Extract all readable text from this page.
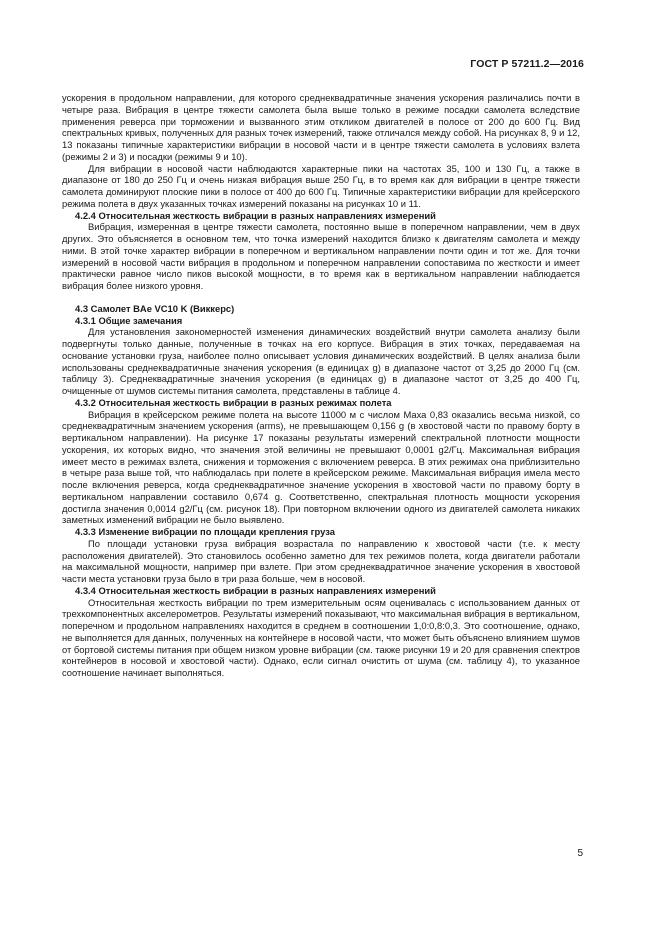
ГОСТ Р 57211.2—2016

ускорения в продольном направлении, для которого среднеквадратичные значения ускорения различались почти в четыре раза. Вибрация в центре тяжести самолета была выше только в режиме посадки самолета вследствие применения реверса при торможении и вызванного этим откликом двигателей в полосе от 200 до 600 Гц. Вид спектральных кривых, полученных для разных точек измерений, также отличался между собой. На рисунках 8, 9 и 12, 13 показаны типичные характеристики вибрации в носовой части и в центре тяжести самолета в условиях взлета (режимы 2 и 3) и посадки (режимы 9 и 10).

Для вибрации в носовой части наблюдаются характерные пики на частотах 35, 100 и 130 Гц, а также в диапазоне от 180 до 250 Гц и очень низкая вибрация выше 250 Гц, в то время как для вибрации в центре тяжести самолета доминируют плоские пики в полосе от 400 до 600 Гц. Типичные характеристики вибрации для крейсерского режима полета в двух указанных точках измерений показаны на рисунках 10 и 11.

4.2.4 Относительная жесткость вибрации в разных направлениях измерений

Вибрация, измеренная в центре тяжести самолета, постоянно выше в поперечном направлении, чем в двух других. Это объясняется в основном тем, что точка измерений находится близко к двигателям самолета и между ними. В этой точке характер вибрации в поперечном и вертикальном направлении почти один и тот же. Для точки измерений в носовой части вибрация в продольном и поперечном направлении сопоставима по жесткости и имеет практически равное число пиков высокой мощности, в то время как в вертикальном направлении наблюдается вибрация более низкого уровня.

4.3 Самолет BAe VC10 K (Виккерс)

4.3.1 Общие замечания

Для установления закономерностей изменения динамических воздействий внутри самолета анализу были подвергнуты только данные, полученные в точках на его корпусе. Вибрация в этих точках, передаваемая на основание установки груза, наиболее полно описывает условия динамических воздействий. В целях анализа были использованы среднеквадратичные значения ускорения (в единицах g) в диапазоне частот от 3,25 до 2000 Гц (см. таблицу 3). Среднеквадратичные значения ускорения (в единицах g) в диапазоне частот от 3,25 до 400 Гц, очищенные от шумов системы питания самолета, представлены в таблице 4.

4.3.2 Относительная жесткость вибрации в разных режимах полета

Вибрация в крейсерском режиме полета на высоте 11000 м с числом Маха 0,83 оказались весьма низкой, со среднеквадратичным значением ускорения (arms), не превышающем 0,156 g (в хвостовой части по правому борту в вертикальном направлении). На рисунке 17 показаны результаты измерений спектральной плотности мощности ускорения, их которых видно, что значения этой величины не превышают 0,0001 g2/Гц. Максимальная вибрация имеет место в режимах взлета, снижения и торможения с включением реверса. В этих режимах она приблизительно в четыре раза выше той, что наблюдалась при полете в крейсерском режиме. Максимальная вибрация имела место после включения реверса, когда среднеквадратичное значение ускорения в хвостовой части по правому борту в вертикальном направлении составило 0,674 g. Соответственно, спектральная плотность мощности ускорения достигла значения 0,0014 g2/Гц (см. рисунок 18). При повторном включении одного из двигателей самолета никаких заметных изменений вибрации не было выявлено.

4.3.3 Изменение вибрации по площади крепления груза

По площади установки груза вибрация возрастала по направлению к хвостовой части (т.е. к месту расположения двигателей). Это становилось особенно заметно для тех режимов полета, когда двигатели работали на максимальной мощности, например при взлете. При этом среднеквадратичное значение ускорения в хвостовой части места установки груза было в три раза больше, чем в носовой.

4.3.4 Относительная жесткость вибрации в разных направлениях измерений

Относительная жесткость вибрации по трем измерительным осям оценивалась с использованием данных от трехкомпонентных акселерометров. Результаты измерений показывают, что максимальная вибрация в вертикальном, поперечном и продольном направлениях находится в среднем в соотношении 1,0:0,8:0,3. Это соотношение, однако, не выполняется для данных, полученных на контейнере в носовой части, что может быть объяснено влиянием шумов от бортовой системы питания при общем низком уровне вибрации (см. также рисунки 19 и 20 для сравнения спектров контейнеров в носовой и хвостовой части). Однако, если сигнал очистить от шума (см. таблицу 4), то указанное соотношение начинает выполняться.

5
